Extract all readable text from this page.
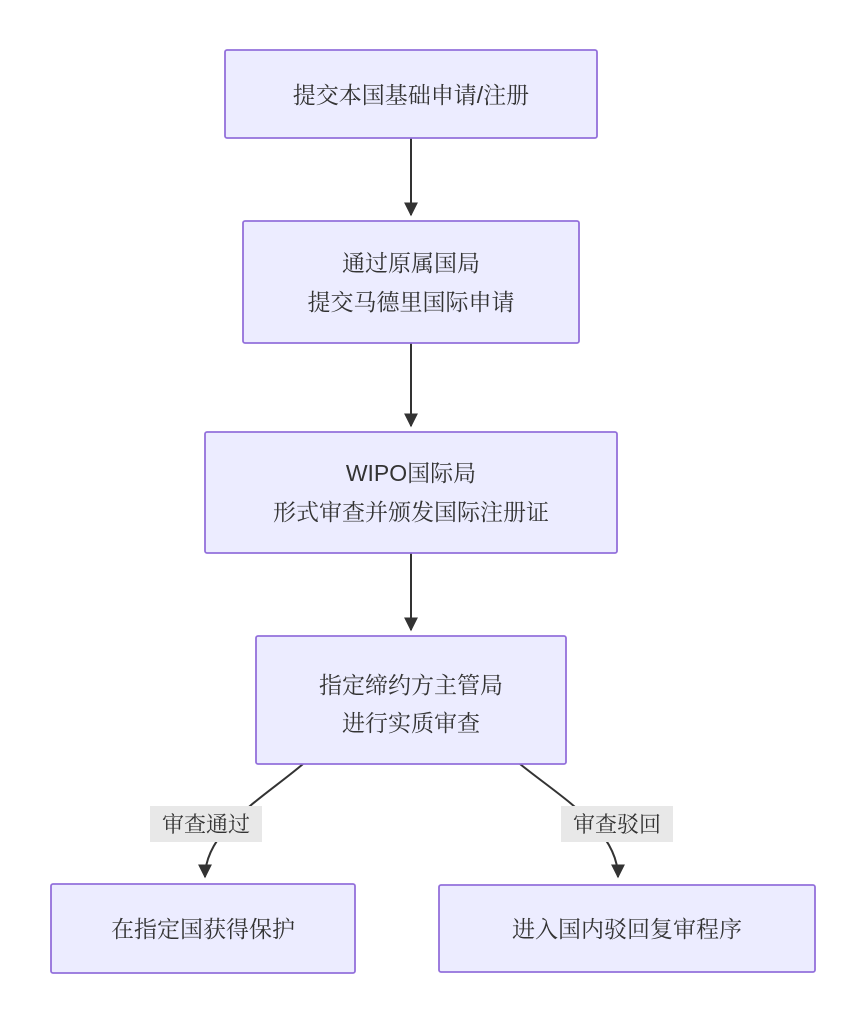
审查通过	审查驳回
提交本国基础申请/注册
通过原属国局
提交马德里国际申请
WIPO国际局
形式审查并颁发国际注册证
指定缔约方主管局
进行实质审查
在指定国获得保护	进入国内驳回复审程序
